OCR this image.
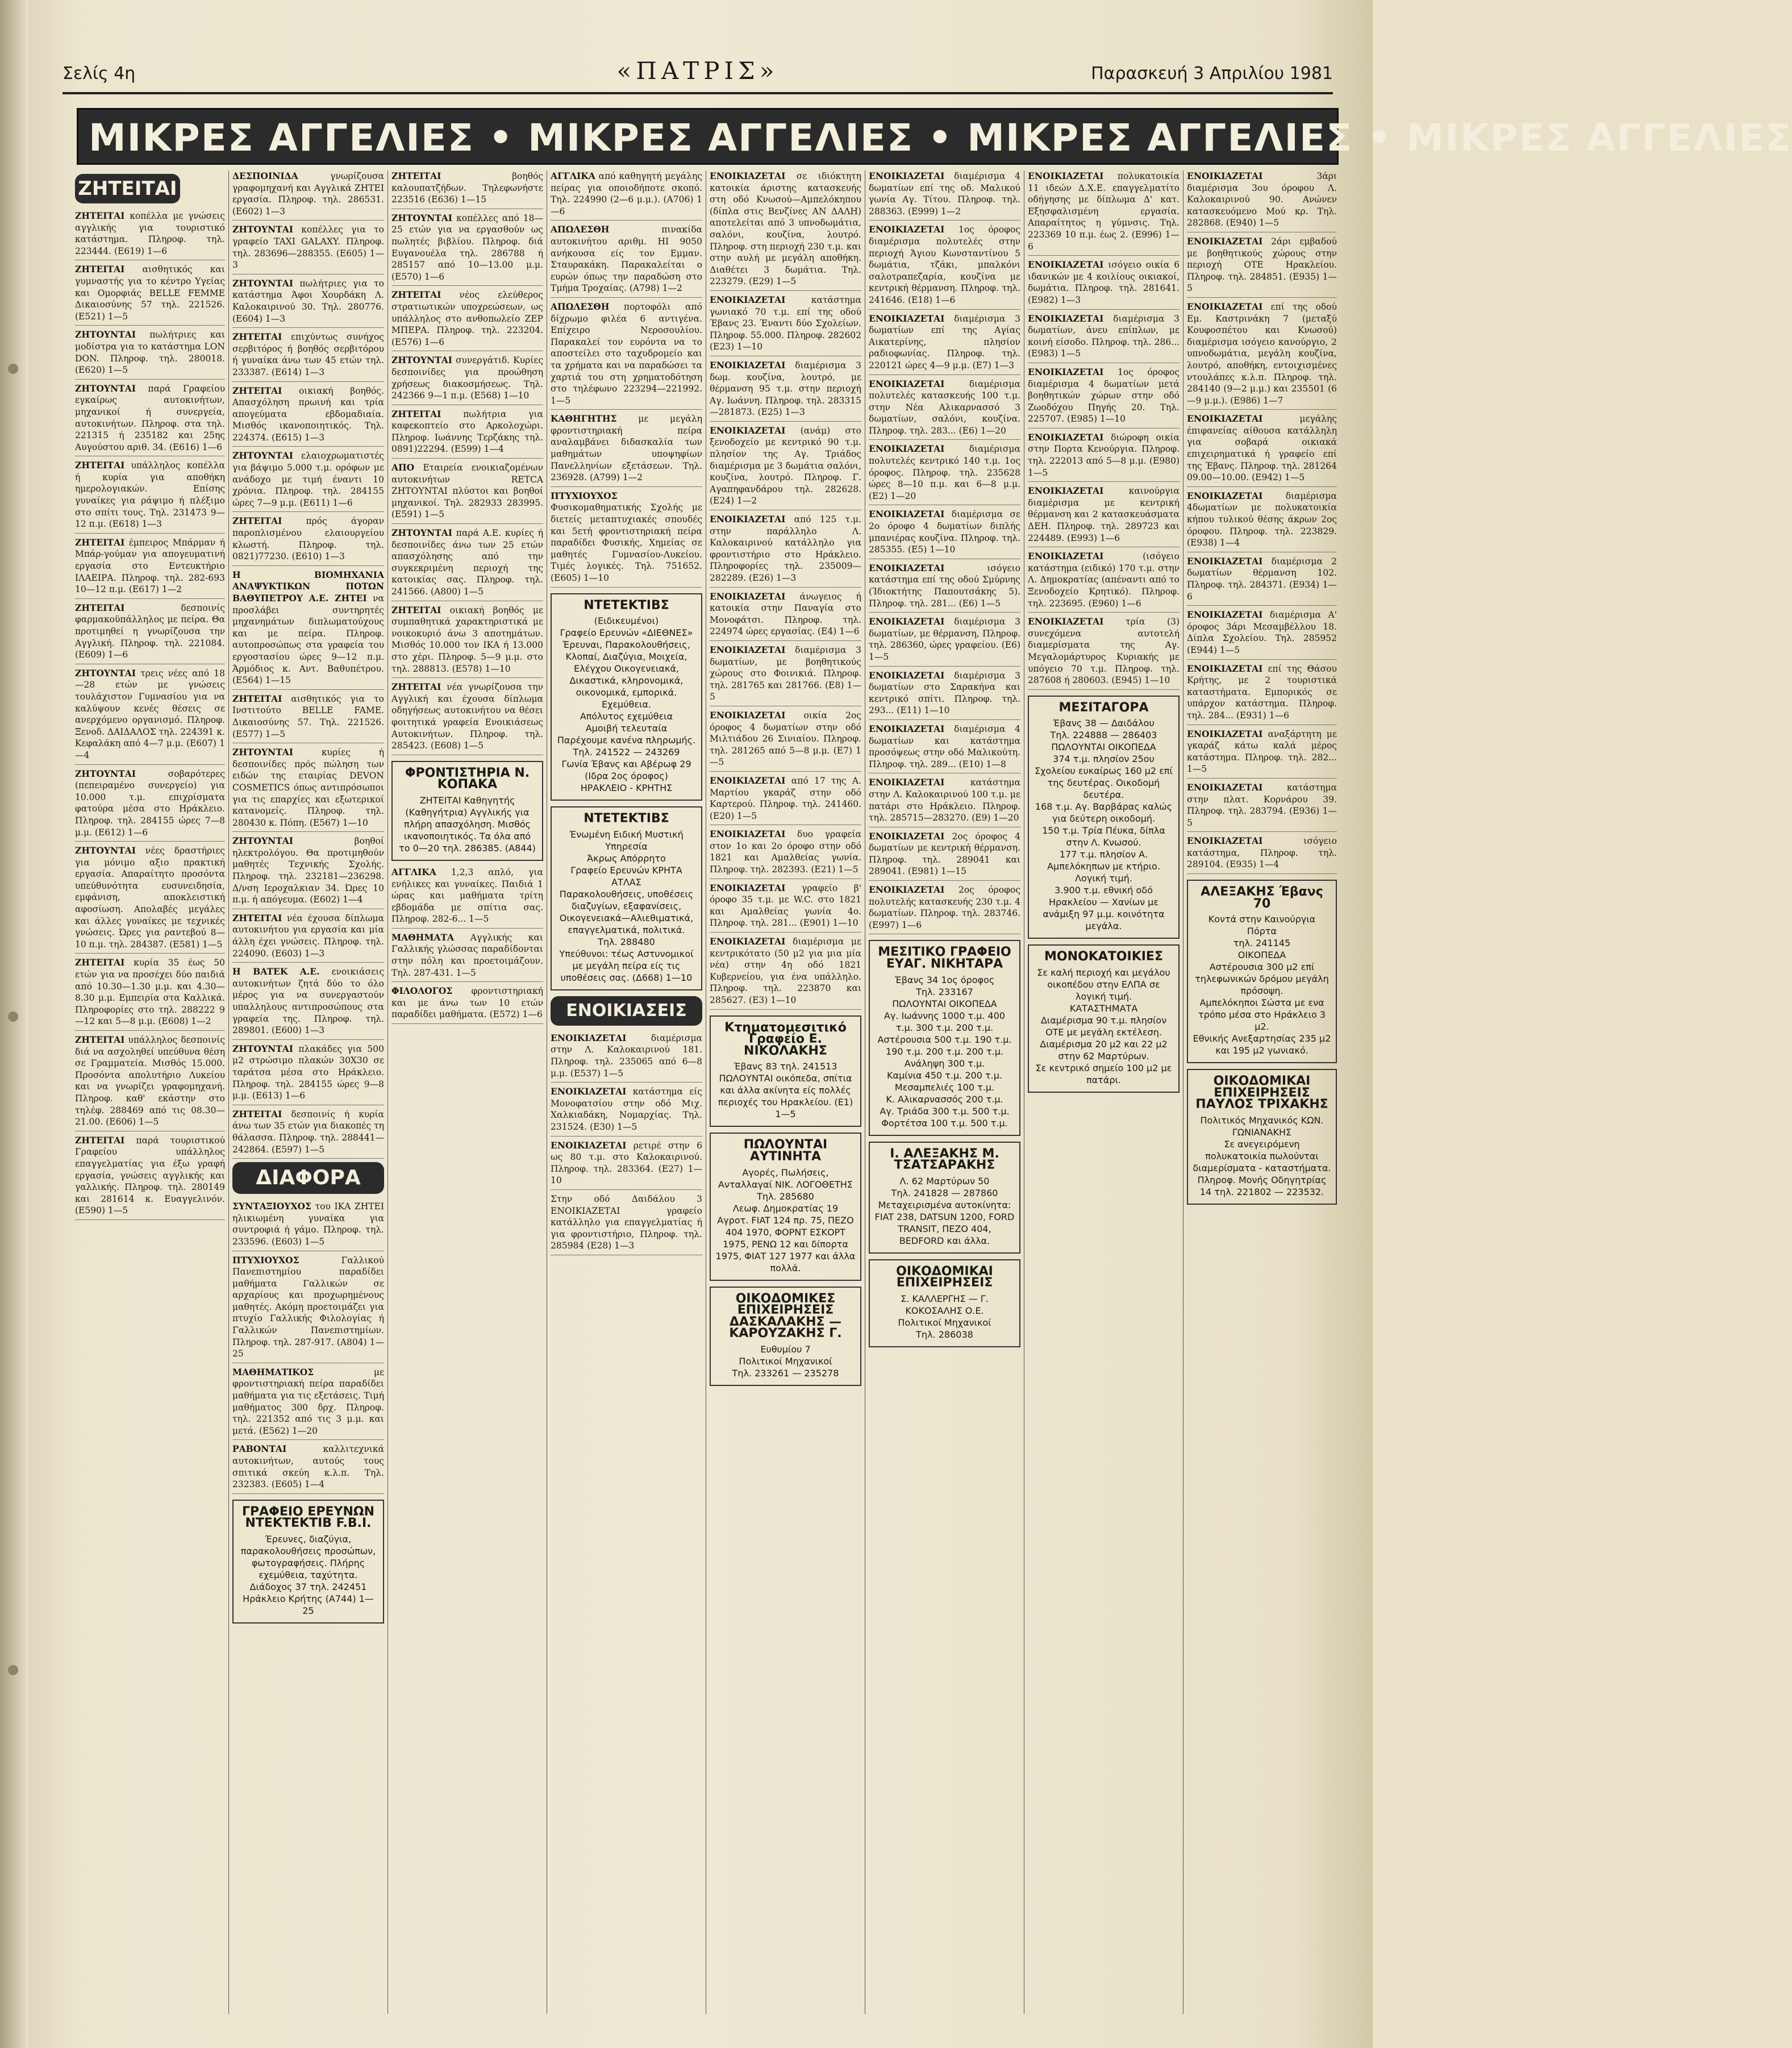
Σελίς 4η	«ΠΑΤΡΙΣ»	Παρασκευή 3 Απριλίου 1981
ΜΙΚΡΕΣ ΑΓΓΕΛΙΕΣ • ΜΙΚΡΕΣ ΑΓΓΕΛΙΕΣ • ΜΙΚΡΕΣ ΑΓΓΕΛΙΕΣ • ΜΙΚΡΕΣ ΑΓΓΕΛΙΕΣ
ΖΗΤΕΙΤΑΙ
ΖΗΤΕΙΤΑΙ κοπέλλα με γνώσεις αγγλικής για τουριστικό κατάστημα. Πληροφ. τηλ. 223444. (Ε619) 1—6
ΖΗΤΕΙΤΑΙ αισθητικός και γυμναστής για το κέντρο Υγείας και Ομορφιάς BELLE FEMME Δικαιοσύνης 57 τηλ. 221526. (Ε521) 1—5
ΖΗΤΟΥΝΤΑΙ πωλήτριες και μοδίστρα για το κατάστημα LON DON. Πληροφ. τηλ. 280018. (Ε620) 1—5
ΖΗΤΟΥΝΤΑΙ παρά Γραφείου εγκαίρως αυτοκινήτων, μηχανικοί ή συνεργεία, αυτοκινήτων. Πληροφ. στα τηλ. 221315 ή 235182 και 25ης Αυγούστου αριθ. 34. (Ε616) 1—6
ΖΗΤΕΙΤΑΙ υπάλληλος κοπέλλα ή κυρία για αποθήκη ημερολογιακών. Επίσης γυναίκες για ράψιμο ή πλέξιμο στο σπίτι τους. Τηλ. 231473 9—12 π.μ. (Ε618) 1—3
ΖΗΤΕΙΤΑΙ έμπειρος Μπάρμαν ή Μπάρ-γούμαν για απογευματινή εργασία στο Εντευκτήριο ΙΛΑΕΙΡΑ. Πληροφ. τηλ. 282-693 10—12 π.μ. (Ε617) 1—2
ΖΗΤΕΙΤΑΙ δεσποινίς φαρμακοϋπάλληλος με πείρα. Θα προτιμηθεί η γνωρίζουσα την Αγγλική. Πληροφ. τηλ. 221084. (Ε609) 1—6
ΖΗΤΟΥΝΤΑΙ τρεις νέες από 18—28 ετών με γνώσεις τουλάχιστον Γυμνασίου για να καλύψουν κενές θέσεις σε ανερχόμενο οργανισμό. Πληροφ. Ξενοδ. ΔΑΙΔΑΛΟΣ τηλ. 224391 κ. Κεφαλάκη από 4—7 μ.μ. (Ε607) 1—4
ΖΗΤΟΥΝΤΑΙ σοβαρότερες (πεπειραμένο συνεργείο) για 10.000 τ.μ. επιχρίσματα φατούρα μέσα στο Ηράκλειο. Πληροφ. τηλ. 284155 ώρες 7—8 μ.μ. (Ε612) 1—6
ΖΗΤΟΥΝΤΑΙ νέες δραστήριες για μόνιμο αξιο πρακτική εργασία. Απαραίτητο προσόντα υπεύθυνότητα ευσυνειδησία, εμφάνιση, αποκλειστική αφοσίωση. Απολαβές μεγάλες και άλλες γυναίκες με τεχνικές γνώσεις. Ώρες για ραντεβού 8—10 π.μ. τηλ. 284387. (Ε581) 1—5
ΖΗΤΕΙΤΑΙ κυρία 35 έως 50 ετών για να προσέχει δύο παιδιά από 10.30—1.30 μ.μ. και 4.30—8.30 μ.μ. Εμπειρία στα Καλλικά. Πληροφορίες στο τηλ. 288222 9—12 και 5—8 μ.μ. (Ε608) 1—2
ΖΗΤΕΙΤΑΙ υπάλληλος δεσποινίς διά να ασχοληθεί υπεύθυνα θέση σε Γραμματεία. Μισθός 15.000. Προσόντα απολυτήριο Λυκείου και να γνωρίζει γραφομηχανή. Πληροφ. καθ' εκάστην στο τηλέφ. 288469 από τις 08.30—21.00. (Ε606) 1—5
ΖΗΤΕΙΤΑΙ παρά τουριστικού Γραφείου υπάλληλος επαγγελματίας για έξω γραφή εργασία, γνώσεις αγγλικής και γαλλικής. Πληροφ. τηλ. 280149 και 281614 κ. Ευαγγελινόν. (Ε590) 1—5
ΔΕΣΠΟΙΝΙΔΑ γνωρίζουσα γραφομηχανή και Αγγλικά ΖΗΤΕΙ εργασία. Πληροφ. τηλ. 286531. (Ε602) 1—3
ΖΗΤΟΥΝΤΑΙ κοπέλλες για το γραφείο TAXI GALAXY. Πληροφ. τηλ. 283696—288355. (Ε605) 1—3
ΖΗΤΟΥΝΤΑΙ πωλήτριες για το κατάστημα Άφοι Χουρδάκη Λ. Καλοκαιρινού 30. Τηλ. 280776. (Ε604) 1—3
ΖΗΤΕΙΤΑΙ επιχύντως συνήχος σερβιτόρος ή βοηθός σερβιτόρου ή γυναίκα άνω των 45 ετών τηλ. 233387. (Ε614) 1—3
ΖΗΤΕΙΤΑΙ οικιακή βοηθός. Απασχόληση πρωινή και τρία απογεύματα εβδομαδιαία. Μισθός ικανοποιητικός. Τηλ. 224374. (Ε615) 1—3
ΖΗΤΟΥΝΤΑΙ ελαιοχρωματιστές για βάψιμο 5.000 τ.μ. ορόφων με ανάδοχο με τιμή έναντι 10 χρόνια. Πληροφ. τηλ. 284155 ώρες 7—9 μ.μ. (Ε611) 1—6
ΖΗΤΕΙΤΑΙ πρός άγοραν παροπλισμένου ελαιουργείου κλωστή. Πληροφ. τηλ. 0821)77230. (Ε610) 1—3
Η ΒΙΟΜΗΧΑΝΙΑ ΑΝΑΨΥΚΤΙΚΩΝ ΠΟΤΩΝ ΒΑΘΥΠΕΤΡΟΥ Α.Ε. ΖΗΤΕΙ να προσλάβει συντηρητές μηχανημάτων διπλωματούχους και με πείρα. Πληροφ. αυτοπροσώπως στα γραφεία του εργοστασίου ώρες 9—12 π.μ. Άρμόδιος κ. Αντ. Βαθυπέτρου. (Ε564) 1—15
ΖΗΤΕΙΤΑΙ αισθητικός για το Ινστιτούτο BELLE FAME. Δικαιοσύνης 57. Τηλ. 221526. (Ε577) 1—5
ΖΗΤΟΥΝΤΑΙ κυρίες ή δεσποινίδες πρός πώληση των ειδών της εταιρίας DEVON COSMETICS όπως αντιπρόσωποι για τις επαρχίες και εξωτερικοί κατανομείς. Πληροφ. τηλ. 280430 κ. Πόπη. (Ε567) 1—10
ΖΗΤΟΥΝΤΑΙ βοηθοί ηλεκτρολόγου. Θα προτιμηθούν μαθητές Τεχνικής Σχολής. Πληροφ. τηλ. 232181—236298. Δ/νση Ιεροχαλκιαν 34. Ώρες 10 π.μ. ή απόγευμα. (Ε602) 1—4
ΖΗΤΕΙΤΑΙ νέα έχουσα δίπλωμα αυτοκινήτου για εργασία και μία άλλη έχει γνώσεις. Πληροφ. τηλ. 224090. (Ε603) 1—3
Η BATEK Α.Ε. ενοικιάσεις αυτοκινήτων ζητά δύο το όλο μέρος για να συνεργαστούν υπαλληλους αντιπροσώπους στα γραφεία της. Πληροφ. τηλ. 289801. (Ε600) 1—3
ΖΗΤΟΥΝΤΑΙ πλακάδες για 500 μ2 στρώσιμο πλακών 30Χ30 σε ταράτσα μέσα στο Ηράκλειο. Πληροφ. τηλ. 284155 ώρες 9—8 μ.μ. (Ε613) 1—6
ΖΗΤΕΙΤΑΙ δεσποινίς ή κυρία άνω των 35 ετών για διακοπές τη θάλασσα. Πληροφ. τηλ. 288441—242864. (Ε597) 1—5
ΔΙΑΦΟΡΑ
ΣΥΝΤΑΞΙΟΥΧΟΣ του ΙΚΑ ΖΗΤΕΙ ηλικιωμένη γυναίκα για συντροφιά ή γάμο. Πληροφ. τηλ. 233596. (Ε603) 1—5
ΠΤΥΧΙΟΥΧΟΣ Γαλλικού Πανεπιστημίου παραδίδει μαθήματα Γαλλικών σε αρχαρίους και προχωρημένους μαθητές. Ακόμη προετοιμάζει για πτυχίο Γαλλικής Φιλολογίας ή Γαλλικών Πανεπιστημίων. Πληροφ. τηλ. 287-917. (Α804) 1—25
ΜΑΘΗΜΑΤΙΚΟΣ με φροντιστηριακή πείρα παραδίδει μαθήματα για τις εξετάσεις. Τιμή μαθήματος 300 δρχ. Πληροφ. τηλ. 221352 από τις 3 μ.μ. και μετά. (Ε562) 1—20
ΡΑΒΟΝΤΑΙ καλλιτεχνικά αυτοκινήτων, αυτούς τους σπιτικά σκεύη κ.λ.π. Τηλ. 232383. (Ε605) 1—4
ΓΡΑΦΕΙΟ ΕΡΕΥΝΩΝ ΝΤΕΚΤΕΚΤΙΒ F.B.I.
Έρευνες, διαζύγια, παρακολουθήσεις προσώπων, φωτογραφήσεις. Πλήρης εχεμύθεια, ταχύτητα. Διάδοχος 37 τηλ. 242451 Ηράκλειο Κρήτης (Α744) 1—25
ΖΗΤΕΙΤΑΙ βοηθός καλουπατζήδων. Τηλεφωνήστε 223516 (Ε636) 1—15
ΖΗΤΟΥΝΤΑΙ κοπέλλες από 18—25 ετών για να εργασθούν ως πωλητές βιβλίου. Πληροφ. διά Ευγανουέλα τηλ. 286788 ή 285157 από 10—13.00 μ.μ. (Ε570) 1—6
ΖΗΤΕΙΤΑΙ νέος ελεύθερος στρατιωτικών υποχρεώσεων, ως υπάλληλος στο ανθοπωλείο ΖΕΡ ΜΠΕΡΑ. Πληροφ. τηλ. 223204. (Ε576) 1—6
ΖΗΤΟΥΝΤΑΙ συνεργάτιδ. Κυρίες δεσποινίδες για προώθηση χρήσεως διακοσμήσεως. Τηλ. 242366 9—1 π.μ. (Ε568) 1—10
ΖΗΤΕΙΤΑΙ πωλήτρια για καφεκοπτείο στο Αρκολοχώρι. Πληροφ. Ιωάννης Τερζάκης τηλ. 0891)22294. (Ε599) 1—4
ΑΠΟ Εταιρεία ενοικιαζομένων αυτοκινήτων RETCA ΖΗΤΟΥΝΤΑΙ πλύστοι και βοηθοί μηχανικοί. Τηλ. 282933 283995. (Ε591) 1—5
ΖΗΤΟΥΝΤΑΙ παρά Α.Ε. κυρίες ή δεσποινίδες άνω των 25 ετών απασχόλησης από την συγκεκριμένη περιοχή της κατοικίας σας. Πληροφ. τηλ. 241566. (Α800) 1—5
ΖΗΤΕΙΤΑΙ οικιακή βοηθός με συμπαθητικά χαρακτηριστικά με νοικοκυριό άνω 3 αποτημάτων. Μισθός 10.000 τον ΙΚΑ ή 13.000 στο χέρι. Πληροφ. 5—9 μ.μ. στο τηλ. 288813. (Ε578) 1—10
ΖΗΤΕΙΤΑΙ νέα γνωρίζουσα την Αγγλική και έχουσα δίπλωμα οδηγήσεως αυτοκινήτου να θέσει φοιτητικά γραφεία Ενοικιάσεως Αυτοκινήτων. Πληροφ. τηλ. 285423. (Ε608) 1—5
ΦΡΟΝΤΙΣΤΗΡΙΑ Ν. ΚΟΠΑΚΑ
ΖΗΤΕΙΤΑΙ Καθηγητής (Καθηγήτρια) Αγγλικής για πλήρη απασχόληση. Μισθός ικανοποιητικός. Τα όλα από το 0—20 τηλ. 286385. (Α844)
ΑΓΓΛΙΚΑ 1,2,3 απλό, για ενήλικες και γυναίκες. Παιδιά 1 ώρας και μαθήματα τρίτη εβδομάδα με σπίτια σας. Πληροφ. 282-6... 1—5
ΜΑΘΗΜΑΤΑ Αγγλικής και Γαλλικής γλώσσας παραδίδονται στην πόλη και προετοιμάζουν. Τηλ. 287-431. 1—5
ΦΙΛΟΛΟΓΟΣ φροντιστηριακή και με άνω των 10 ετών παραδίδει μαθήματα. (Ε572) 1—6
ΑΓΓΛΙΚΑ από καθηγητή μεγάλης πείρας για οποιοδήποτε σκοπό. Τηλ. 224990 (2—6 μ.μ.). (Α706) 1—6
ΑΠΩΛΕΣΘΗ πινακίδα αυτοκινήτου αριθμ. ΗΙ 9050 ανήκουσα είς τον Εμμαν. Σταυρακάκη. Παρακαλείται ο ευρών όπως την παραδώση στο Τμήμα Τροχαίας. (Α798) 1—2
ΑΠΩΛΕΣΘΗ πορτοφόλι από δίχρωμο φιλέα 6 αντιγένα. Επίχειρο Νεροσουλίου. Παρακαλεί τον ευρόντα να το αποστείλει στο ταχυδρομείο και τα χρήματα και να παραδώσει τα χαρτιά του στη χρηματοδότηση στο τηλέφωνο 223294—221992. 1—5
ΚΑΘΗΓΗΤΗΣ με μεγάλη φροντιστηριακή πείρα αναλαμβάνει διδασκαλία των μαθημάτων υποψηφίων Πανελληνίων εξετάσεων. Τηλ. 236928. (Α799) 1—2
ΠΤΥΧΙΟΥΧΟΣ Φυσικομαθηματικής Σχολής με διετείς μεταπτυχιακές σπουδές και 5ετή φροντιστηριακή πείρα παραδίδει Φυσικής, Χημείας σε μαθητές Γυμνασίου-Λυκείου. Τιμές λογικές. Τηλ. 751652. (Ε605) 1—10
ΝΤΕΤΕΚΤΙΒΣ
(Ειδικευμένοι)
Γραφείο Ερευνών «ΔΙΕΘΝΕΣ»
Έρευναι, Παρακολουθήσεις, Κλοπαί, Διαζύγια, Μοιχεία, Ελέγχου Οικογενειακά, Δικαστικά, κληρονομικά, οικονομικά, εμπορικά. Εχεμύθεια.
Απόλυτος εχεμύθεια
Αμοιβή τελευταία
Παρέχουμε κανένα πληρωμής.
Τηλ. 241522 — 243269
Γωνία Έβανς και Αβέρωφ 29 (Ιδρα 2ος όροφος)
ΗΡΑΚΛΕΙΟ - ΚΡΗΤΗΣ
ΝΤΕΤΕΚΤΙΒΣ
Ένωμένη Ειδική Μυστική Υπηρεσία
Άκρως Απόρρητο
Γραφείο Ερευνών ΚΡΗΤΑ ΑΤΛΑΣ
Παρακολουθήσεις, υποθέσεις διαζυγίων, εξαφανίσεις, Οικογενειακά—Αλιεθιματικά, επαγγελματικά, πολιτικά.
Τηλ. 288480
Υπεύθυνοι: τέως Αστυνομικοί με μεγάλη πείρα είς τις υποθέσεις σας. (Δ668) 1—10
ΕΝΟΙΚΙΑΣΕΙΣ
ΕΝΟΙΚΙΑΖΕΤΑΙ διαμέρισμα στην Λ. Καλοκαιρινού 181. Πληροφ. τηλ. 235065 από 6—8 μ.μ. (Ε537) 1—5
ΕΝΟΙΚΙΑΖΕΤΑΙ κατάστημα είς Μονοφατσίου στην οδό Μιχ. Χαλκιαδάκη, Νομαρχίας. Τηλ. 231524. (Ε30) 1—5
ΕΝΟΙΚΙΑΖΕΤΑΙ ρετιρέ στην 6 ως 80 τ.μ. στο Καλοκαιρινού. Πληροφ. τηλ. 283364. (Ε27) 1—10
Στην οδό Δαιδάλου 3 ΕΝΟΙΚΙΑΖΕΤΑΙ γραφείο κατάλληλο για επαγγελματίας ή για φροντιστήριο, Πληροφ. τηλ. 285984 (Ε28) 1—3
ΕΝΟΙΚΙΑΖΕΤΑΙ σε ιδιόκτητη κατοικία άριστης κατασκευής στη οδό Κνωσού—Αμπελόκηπου (δίπλα στις Βενζίνες ΑΝ ΔΑΛΗ) αποτελείται από 3 υπνοδωμάτια, σαλόνι, κουζίνα, λουτρό. Πληροφ. στη περιοχή 230 τ.μ. και στην αυλή με μεγάλη αποθήκη. Διαθέτει 3 δωμάτια. Τηλ. 223279. (Ε29) 1—5
ΕΝΟΙΚΙΑΖΕΤΑΙ κατάστημα γωνιακό 70 τ.μ. επί της οδού Έβανς 23. Έναντι δύο Σχολείων. Πληροφ. 55.000. Πληροφ. 282602 (Ε23) 1—10
ΕΝΟΙΚΙΑΖΕΤΑΙ διαμέρισμα 3 δωμ. κουζίνα, λουτρό, με θέρμανση 95 τ.μ. στην περιοχή Αγ. Ιωάννη. Πληροφ. τηλ. 283315—281873. (Ε25) 1—3
ΕΝΟΙΚΙΑΖΕΤΑΙ (ανάμ) στο ξενοδοχείο με κεντρικό 90 τ.μ. πλησίον της Αγ. Τριάδος διαμέρισμα με 3 δωμάτια σαλόνι, κουζίνα, λουτρό. Πληροφ. Γ. Αγαπηφανδάρου τηλ. 282628. (Ε24) 1—2
ΕΝΟΙΚΙΑΖΕΤΑΙ από 125 τ.μ. στην παράλληλο Λ. Καλοκαιρινού κατάλληλο για φροντιστήριο στο Ηράκλειο. Πληροφορίες τηλ. 235009—282289. (Ε26) 1—3
ΕΝΟΙΚΙΑΖΕΤΑΙ άνωγειος ή κατοικία στην Παναγία στο Μονοφάτσι. Πληροφ. τηλ. 224974 ώρες εργασίας. (Ε4) 1—6
ΕΝΟΙΚΙΑΖΕΤΑΙ διαμέρισμα 3 δωματίων, με βοηθητικούς χώρους στο Φοινικιά. Πληροφ. τηλ. 281765 και 281766. (Ε8) 1—5
ΕΝΟΙΚΙΑΖΕΤΑΙ οικία 2ος όροφος 4 δωματίων στην οδό Μιλτιάδου 26 Σινιαίου. Πληροφ. τηλ. 281265 από 5—8 μ.μ. (Ε7) 1—5
ΕΝΟΙΚΙΑΖΕΤΑΙ από 17 της Α. Μαρτίου γκαράζ στην οδό Καρτερού. Πληροφ. τηλ. 241460. (Ε20) 1—5
ΕΝΟΙΚΙΑΖΕΤΑΙ δυο γραφεία στον 1ο και 2ο όροφο στην οδό 1821 και Αμαλθείας γωνία. Πληροφ. τηλ. 282393. (Ε21) 1—5
ΕΝΟΙΚΙΑΖΕΤΑΙ γραφείο β' όροφο 35 τ.μ. με W.C. στο 1821 και Αμαλθείας γωνία 4ο. Πληροφ. τηλ. 281... (Ε901) 1—10
ΕΝΟΙΚΙΑΖΕΤΑΙ διαμέρισμα με κεντρικότατο (50 μ2 για μια μία νέα) στην 4η οδό 1821 Κυβερνείου, για ένα υπάλληλο. Πληροφ. τηλ. 223870 και 285627. (Ε3) 1—10
Κτηματομεσιτικό Γραφείο Ε. ΝΙΚΟΛΑΚΗΣ
Έβανς 83 τηλ. 241513
ΠΩΛΟΥΝΤΑΙ οικόπεδα, σπίτια και άλλα ακίνητα είς πολλές περιοχές του Ηρακλείου. (Ε1) 1—5
ΠΩΛΟΥΝΤΑΙ ΑΥΤΙΝΗΤΑ
Αγορές, Πωλήσεις, Ανταλλαγαί ΝΙΚ. ΛΟΓΟΘΕΤΗΣ
Τηλ. 285680
Λεωφ. Δημοκρατίας 19
Αγροτ. FIAT 124 πρ. 75, ΠΕΖΟ 404 1970, ΦΟΡΝΤ ΕΣΚΟΡΤ 1975, ΡΕΝΩ 12 και δίπορτα 1975, ΦΙΑΤ 127 1977 και άλλα πολλά.
ΟΙΚΟΔΟΜΙΚΕΣ ΕΠΙΧΕΙΡΗΣΕΙΣ ΔΑΣΚΑΛΑΚΗΣ — ΚΑΡΟΥΖΑΚΗΣ Γ.
Ευθυμίου 7
Πολιτικοί Μηχανικοί
Τηλ. 233261 — 235278
ΕΝΟΙΚΙΑΖΕΤΑΙ διαμέρισμα 4 δωματίων επί της οδ. Μαλικού γωνία Αγ. Τίτου. Πληροφ. τηλ. 288363. (Ε999) 1—2
ΕΝΟΙΚΙΑΖΕΤΑΙ 1ος όροφος διαμέρισμα πολυτελές στην περιοχή Άγιου Κωνσταντίνου 5 δωμάτια, τζάκι, μπαλκόνι σαλοτραπεζαρία, κουζίνα με κεντρική θέρμανση. Πληροφ. τηλ. 241646. (Ε18) 1—6
ΕΝΟΙΚΙΑΖΕΤΑΙ διαμέρισμα 3 δωματίων επί της Αγίας Αικατερίνης, πλησίον ραδιοφωνίας. Πληροφ. τηλ. 220121 ώρες 4—9 μ.μ. (Ε7) 1—3
ΕΝΟΙΚΙΑΖΕΤΑΙ διαμέρισμα πολυτελές κατασκευής 100 τ.μ. στην Νέα Αλικαρνασσό 3 δωματίων, σαλόνι, κουζίνα. Πληροφ. τηλ. 283... (Ε6) 1—20
ΕΝΟΙΚΙΑΖΕΤΑΙ διαμέρισμα πολυτελές κεντρικό 140 τ.μ. 1ος όροφος. Πληροφ. τηλ. 235628 ώρες 8—10 π.μ. και 6—8 μ.μ. (Ε2) 1—20
ΕΝΟΙΚΙΑΖΕΤΑΙ διαμέρισμα σε 2ο όροφο 4 δωματίων διπλής μπανιέρας κουζίνα. Πληροφ. τηλ. 285355. (Ε5) 1—10
ΕΝΟΙΚΙΑΖΕΤΑΙ ισόγειο κατάστημα επί της οδού Σμύρνης (Ίδιοκτήτης Παπουτσάκης 5). Πληροφ. τηλ. 281... (Ε6) 1—5
ΕΝΟΙΚΙΑΖΕΤΑΙ διαμέρισμα 3 δωματίων, με θέρμανση, Πληροφ. τηλ. 286360, ώρες γραφείου. (Ε6) 1—5
ΕΝΟΙΚΙΑΖΕΤΑΙ διαμέρισμα 3 δωματίων στο Σαρακήνα και κεντρικό σπίτι. Πληροφ. τηλ. 293... (Ε11) 1—10
ΕΝΟΙΚΙΑΖΕΤΑΙ διαμέρισμα 4 δωματίων και κατάστημα προσόψεως στην οδό Μαλικούτη. Πληροφ. τηλ. 289... (Ε10) 1—8
ΕΝΟΙΚΙΑΖΕΤΑΙ κατάστημα στην Λ. Καλοκαιρινού 100 τ.μ. με πατάρι στο Ηράκλειο. Πληροφ. τηλ. 285715—283270. (Ε9) 1—20
ΕΝΟΙΚΙΑΖΕΤΑΙ 2ος όροφος 4 δωματίων με κεντρική θέρμανση. Πληροφ. τηλ. 289041 και 289041. (Ε981) 1—15
ΕΝΟΙΚΙΑΖΕΤΑΙ 2ος όροφος πολυτελής κατασκευής 230 τ.μ. 4 δωματίων. Πληροφ. τηλ. 283746. (Ε997) 1—6
ΜΕΣΙΤΙΚΟ ΓΡΑΦΕΙΟ ΕΥΑΓ. ΝΙΚΗΤΑΡΑ
Έβανς 34 1ος όροφος
Τηλ. 233167
ΠΩΛΟΥΝΤΑΙ ΟΙΚΟΠΕΔΑ
Αγ. Ιωάννης 1000 τ.μ. 400 τ.μ. 300 τ.μ. 200 τ.μ.
Αστέρουσια 500 τ.μ. 190 τ.μ. 190 τ.μ. 200 τ.μ. 200 τ.μ.
Ανάληψη 300 τ.μ.
Καμίνια 450 τ.μ. 200 τ.μ.
Μεσαμπελιές 100 τ.μ.
Κ. Αλικαρνασσός 200 τ.μ.
Αγ. Τριάδα 300 τ.μ. 500 τ.μ.
Φορτέτσα 100 τ.μ. 500 τ.μ.
Ι. ΑΛΕΞΑΚΗΣ Μ. ΤΣΑΤΣΑΡΑΚΗΣ
Λ. 62 Μαρτύρων 50
Τηλ. 241828 — 287860
Μεταχειρισμένα αυτοκίνητα: FIAT 238, DATSUN 1200, FORD TRANSIT, ΠΕΖΟ 404, BEDFORD και άλλα.
ΟΙΚΟΔΟΜΙΚΑΙ ΕΠΙΧΕΙΡΗΣΕΙΣ
Σ. ΚΑΛΛΕΡΓΗΣ — Γ. ΚΟΚΟΣΑΛΗΣ Ο.Ε.
Πολιτικοί Μηχανικοί
Τηλ. 286038
ΕΝΟΙΚΙΑΖΕΤΑΙ πολυκατοικία 11 ιδεών Δ.Χ.Ε. επαγγελματίτο οδήγησης με δίπλωμα Δ' κατ. Εξησφαλισμένη εργασία. Απαραίτητος η γύμνσις. Τηλ. 223369 10 π.μ. έως 2. (Ε996) 1—6
ΕΝΟΙΚΙΑΖΕΤΑΙ ισόγειο οικία 6 ιδανικών με 4 κοιλίους οικιακοί, δωμάτια. Πληροφ. τηλ. 281641. (Ε982) 1—3
ΕΝΟΙΚΙΑΖΕΤΑΙ διαμέρισμα 3 δωματίων, άνευ επίπλων, με κοινή είσοδο. Πληροφ. τηλ. 286... (Ε983) 1—5
ΕΝΟΙΚΙΑΖΕΤΑΙ 1ος όροφος διαμέρισμα 4 δωματίων μετά βοηθητικών χώρων στην οδό Ζωοδόχου Πηγής 20. Τηλ. 225707. (Ε985) 1—10
ΕΝΟΙΚΙΑΖΕΤΑΙ διώροφη οικία στην Πορτα Κενούργια. Πληροφ. τηλ. 222013 από 5—8 μ.μ. (Ε980) 1—5
ΕΝΟΙΚΙΑΖΕΤΑΙ καινούργια διαμέρισμα με κεντρική θέρμανση και 2 κατασκευάσματα ΔΕΗ. Πληροφ. τηλ. 289723 και 224489. (Ε993) 1—6
ΕΝΟΙΚΙΑΖΕΤΑΙ (ισόγειο κατάστημα (ειδικό) 170 τ.μ. στην Λ. Δημοκρατίας (απέναντι από το Ξενοδοχείο Κρητικό). Πληροφ. τηλ. 223695. (Ε960) 1—6
ΕΝΟΙΚΙΑΖΕΤΑΙ τρία (3) συνεχόμενα αυτοτελή διαμερίσματα της Αγ. Μεγαλομάρτυρος Κυριακής με υπόγειο 70 τ.μ. Πληροφ. τηλ. 287608 ή 280603. (Ε945) 1—10
ΜΕΣΙΤΑΓΟΡΑ
Έβανς 38 — Δαιδάλου
Τηλ. 224888 — 286403
ΠΩΛΟΥΝΤΑΙ ΟΙΚΟΠΕΔΑ
374 τ.μ. πλησίον 25ου Σχολείου ευκαίρως 160 μ2 επί της δευτέρας. Οικοδομή δευτέρα.
168 τ.μ. Αγ. Βαρβάρας καλώς για δεύτερη οικοδομή.
150 τ.μ. Τρία Πέυκα, δίπλα στην Λ. Κνωσού.
177 τ.μ. πλησίον Α. Αμπελόκηπων με κτήριο. Λογική τιμή.
3.900 τ.μ. εθνική οδό Ηρακλείου — Χανίων με ανάμιξη 97 μ.μ. κοινότητα μεγάλα.
ΜΟΝΟΚΑΤΟΙΚΙΕΣ
Σε καλή περιοχή και μεγάλου οικοπέδου στην ΕΛΠΑ σε λογική τιμή.
ΚΑΤΑΣΤΗΜΑΤΑ
Διαμέρισμα 90 τ.μ. πλησίον ΟΤΕ με μεγάλη εκτέλεση.
Διαμέρισμα 20 μ2 και 22 μ2 στην 62 Μαρτύρων.
Σε κεντρικό σημείο 100 μ2 με πατάρι.
ΕΝΟΙΚΙΑΖΕΤΑΙ 3άρι διαμέρισμα 3ου όροφου Λ. Καλοκαιρινού 90. Ανώνεν κατασκευόμενο Μού κρ. Τηλ. 282868. (Ε940) 1—5
ΕΝΟΙΚΙΑΖΕΤΑΙ 2άρι εμβαδού με βοηθητικούς χώρους στην περιοχή ΟΤΕ Ηρακλείου. Πληροφ. τηλ. 284851. (Ε935) 1—5
ΕΝΟΙΚΙΑΖΕΤΑΙ επί της οδού Εμ. Καστρινάκη 7 (μεταξύ Κουφοσπέτου και Κνωσού) διαμέρισμα ισόγειο κανούργιο, 2 υπνοδωμάτια, μεγάλη κουζίνα, λουτρό, αποθήκη, εντοιχισμένες ντουλάπες κ.λ.π. Πληροφ. τηλ. 284140 (9—2 μ.μ.) και 235501 (6—9 μ.μ.). (Ε986) 1—7
ΕΝΟΙΚΙΑΖΕΤΑΙ μεγάλης έπιφανείας αίθουσα κατάλληλη για σοβαρά οικιακά επιχειρηματικά ή γραφείο επί της Έβανς. Πληροφ. τηλ. 281264 09.00—10.00. (Ε942) 1—5
ΕΝΟΙΚΙΑΖΕΤΑΙ διαμέρισμα 4δωματίων με πολυκατοικία κήπου τυλικού θέσης άκρων 2ος όροφου. Πληροφ. τηλ. 223829. (Ε938) 1—4
ΕΝΟΙΚΙΑΖΕΤΑΙ διαμέρισμα 2 δωματίων θέρμανση 102. Πληροφ. τηλ. 284371. (Ε934) 1—6
ΕΝΟΙΚΙΑΖΕΤΑΙ διαμέρισμα Α' όροφος 3άρι Μεσαμβέλλου 18. Δίπλα Σχολείου. Τηλ. 285952 (Ε944) 1—5
ΕΝΟΙΚΙΑΖΕΤΑΙ επί της Θάσου Κρήτης, με 2 τουριστικά καταστήματα. Εμπορικός σε υπάρχον κατάστημα. Πληροφ. τηλ. 284... (Ε931) 1—6
ΕΝΟΙΚΙΑΖΕΤΑΙ αναξάρτητη με γκαράζ κάτω καλά μέρος κατάστημα. Πληροφ. τηλ. 282... 1—5
ΕΝΟΙΚΙΑΖΕΤΑΙ κατάστημα στην πλατ. Κορνάρου 39. Πληροφ. τηλ. 283794. (Ε936) 1—5
ΕΝΟΙΚΙΑΖΕΤΑΙ ισόγειο κατάστημα, Πληροφ. τηλ. 289104. (Ε935) 1—4
ΑΛΕΞΑΚΗΣ Έβανς 70
Κοντά στην Καινούργια Πόρτα
τηλ. 241145
ΟΙΚΟΠΕΔΑ
Αστέρουσια 300 μ2 επί τηλεφωνικών δρόμου μεγάλη πρόσοψη.
Αμπελόκηποι Σώστα με ενα τρόπο μέσα στο Ηράκλειο 3 μ2.
Εθνικής Ανεξαρτησίας 235 μ2 και 195 μ2 γωνιακό.
ΟΙΚΟΔΟΜΙΚΑΙ ΕΠΙΧΕΙΡΗΣΕΙΣ ΠΑΥΛΟΣ ΤΡΙΧΑΚΗΣ
Πολιτικός Μηχανικός ΚΩΝ. ΓΩΝΙΑΝΑΚΗΣ
Σε ανεγειρόμενη πολυκατοικία πωλούνται διαμερίσματα - καταστήματα.
Πληροφ. Μονής Οδηγητρίας 14 τηλ. 221802 — 223532.
